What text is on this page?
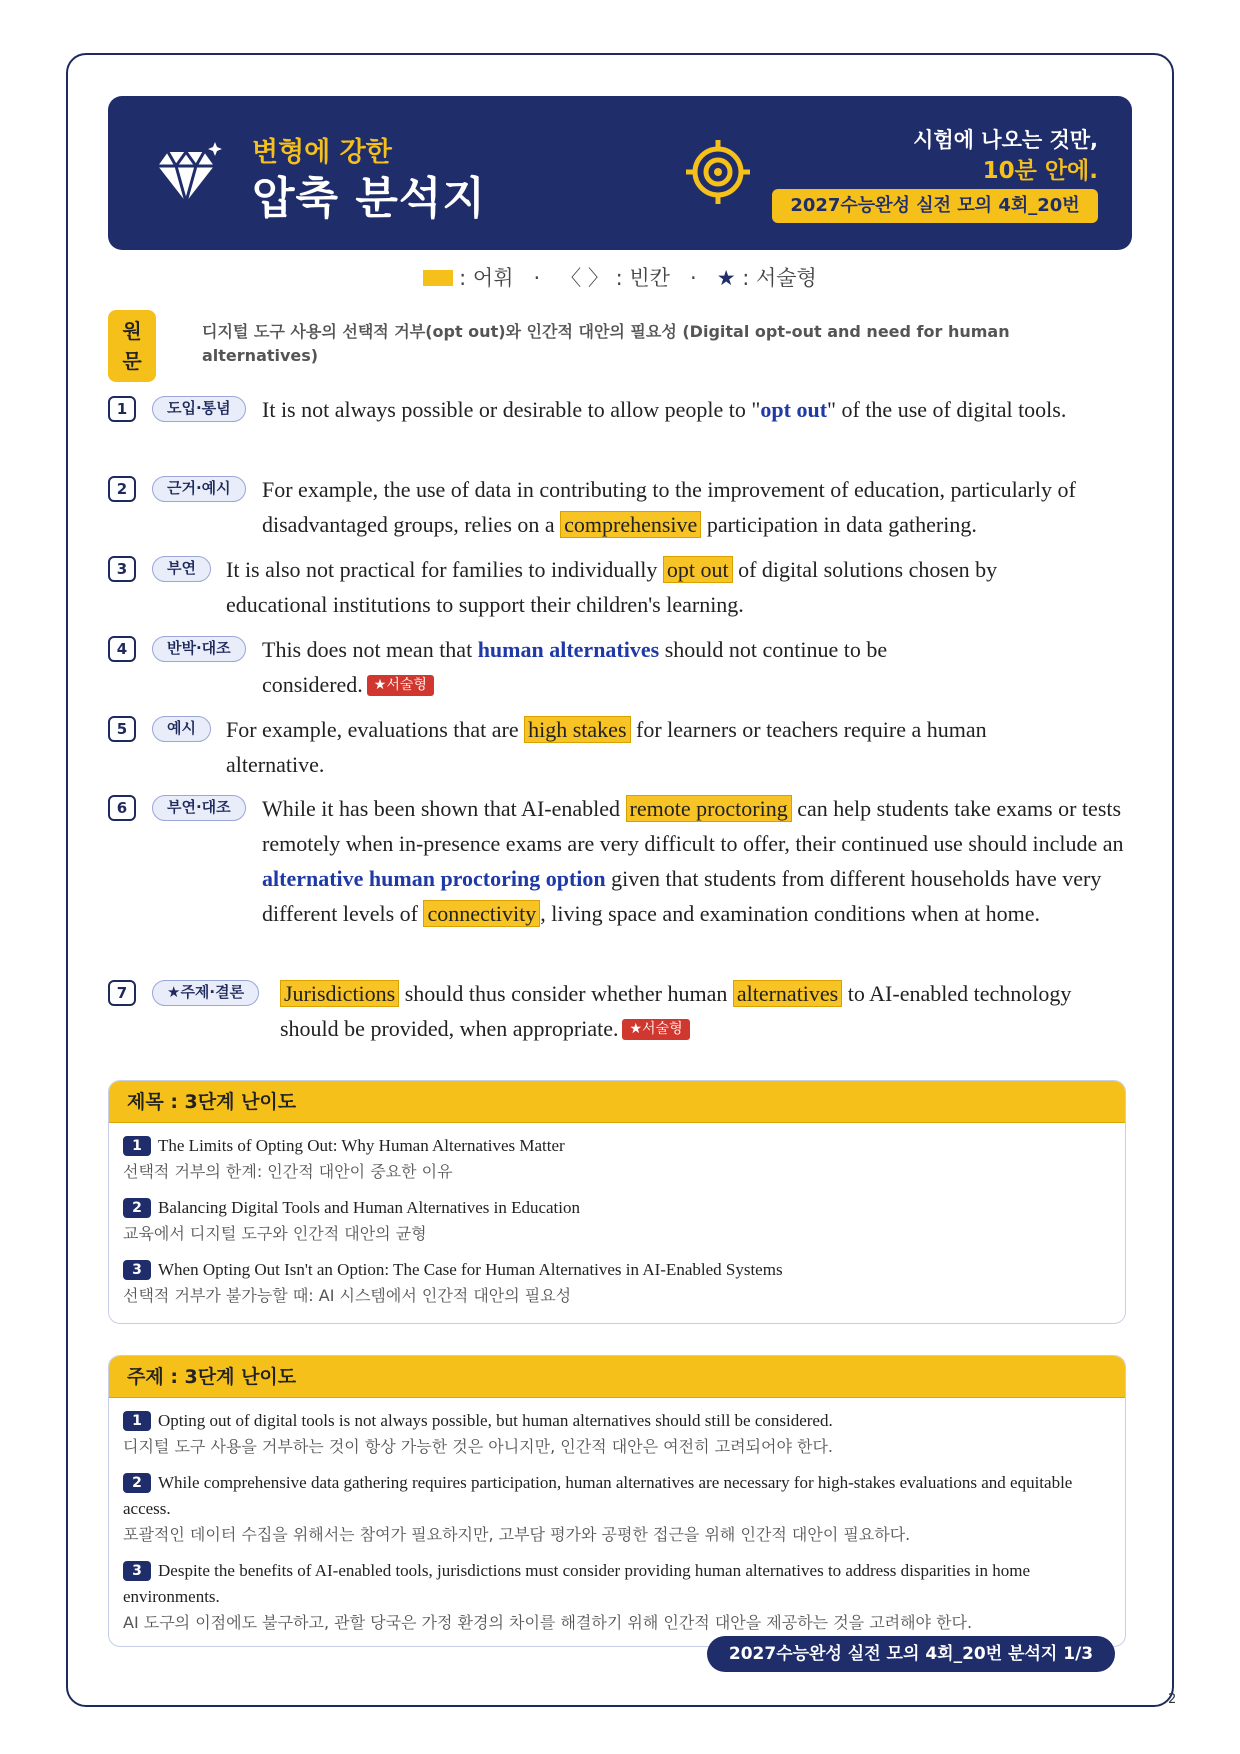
2
변형에 강한
압축 분석지
시험에 나오는 것만,
10분 안에.
2027수능완성 실전 모의 4회_20번
: 어휘 · 〈 〉 : 빈칸 · ★ : 서술형
원
문
디지털 도구 사용의 선택적 거부(opt out)와 인간적 대안의 필요성 (Digital opt-out and need for human alternatives)
1	도입·통념	It is not always possible or desirable to allow people to "opt out" of the use of digital tools.
2	근거·예시	For example, the use of data in contributing to the improvement of education, particularly of disadvantaged groups, relies on a comprehensive participation in data gathering.
3	부연	It is also not practical for families to individually opt out of digital solutions chosen by educational institutions to support their children's learning.
4	반박·대조	This does not mean that human alternatives should not continue to be considered. ★서술형
5	예시	For example, evaluations that are high stakes for learners or teachers require a human alternative.
6	부연·대조	While it has been shown that AI-enabled remote proctoring can help students take exams or tests remotely when in-presence exams are very difficult to offer, their continued use should include an alternative human proctoring option given that students from different households have very different levels of connectivity , living space and examination conditions when at home.
7	★주제·결론	Jurisdictions should thus consider whether human alternatives to AI-enabled technology should be provided, when appropriate. ★서술형
제목 : 3단계 난이도
1 The Limits of Opting Out: Why Human Alternatives Matter
선택적 거부의 한계: 인간적 대안이 중요한 이유
2 Balancing Digital Tools and Human Alternatives in Education
교육에서 디지털 도구와 인간적 대안의 균형
3 When Opting Out Isn't an Option: The Case for Human Alternatives in AI-Enabled Systems
선택적 거부가 불가능할 때: AI 시스템에서 인간적 대안의 필요성
주제 : 3단계 난이도
1 Opting out of digital tools is not always possible, but human alternatives should still be considered.
디지털 도구 사용을 거부하는 것이 항상 가능한 것은 아니지만, 인간적 대안은 여전히 고려되어야 한다.
2 While comprehensive data gathering requires participation, human alternatives are necessary for high-stakes evaluations and equitable access.
포괄적인 데이터 수집을 위해서는 참여가 필요하지만, 고부담 평가와 공평한 접근을 위해 인간적 대안이 필요하다.
3 Despite the benefits of AI-enabled tools, jurisdictions must consider providing human alternatives to address disparities in home environments.
AI 도구의 이점에도 불구하고, 관할 당국은 가정 환경의 차이를 해결하기 위해 인간적 대안을 제공하는 것을 고려해야 한다.
2027수능완성 실전 모의 4회_20번 분석지 1/3
